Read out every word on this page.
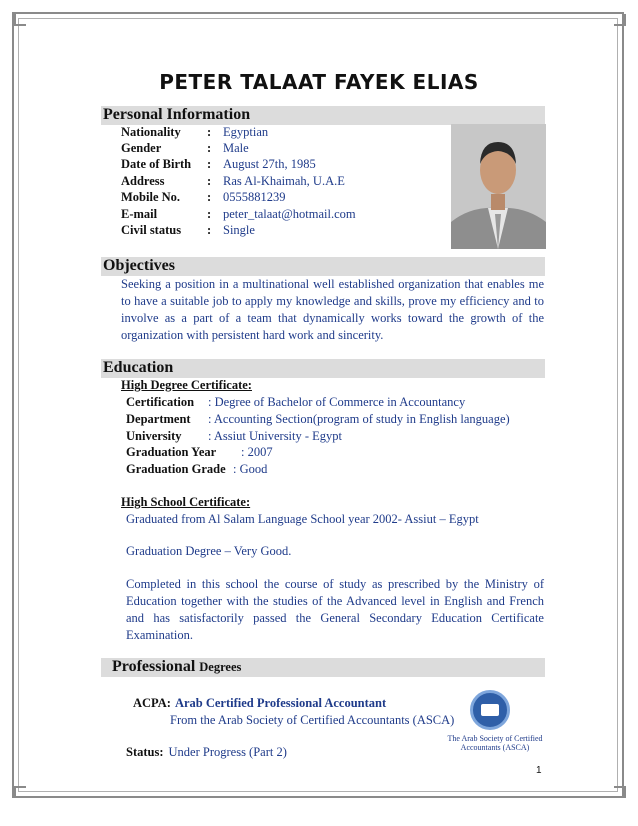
PETER TALAAT FAYEK ELIAS
Personal Information
Nationality : Egyptian
Gender	: Male
Date of Birth : August 27th, 1985
Address	: Ras Al-Khaimah, U.A.E
Mobile No. : 0555881239
E-mail	: peter_talaat@hotmail.com
Civil status : Single
Objectives
Seeking a position in a multinational well established organization that enables me to have a suitable job to apply my knowledge and skills, prove my efficiency and to involve as a part of a team that dynamically works toward the growth of the organization with persistent hard work and sincerity.
Education
High Degree Certificate:
Certification : Degree of Bachelor of Commerce in Accountancy
Department : Accounting Section(program of study in English language)
University : Assiut University - Egypt
Graduation Year : 2007
Graduation Grade : Good
High School Certificate:
Graduated from Al Salam Language School year 2002- Assiut – Egypt
Graduation Degree – Very Good.
Completed in this school the course of study as prescribed by the Ministry of Education together with the studies of the Advanced level in English and French and has satisfactorily passed the General Secondary Education Certificate Examination.
Professional Degrees
ACPA: Arab Certified Professional Accountant
From the Arab Society of Certified Accountants (ASCA)
Status: Under Progress (Part 2)
The Arab Society of Certified
Accountants (ASCA)
1
